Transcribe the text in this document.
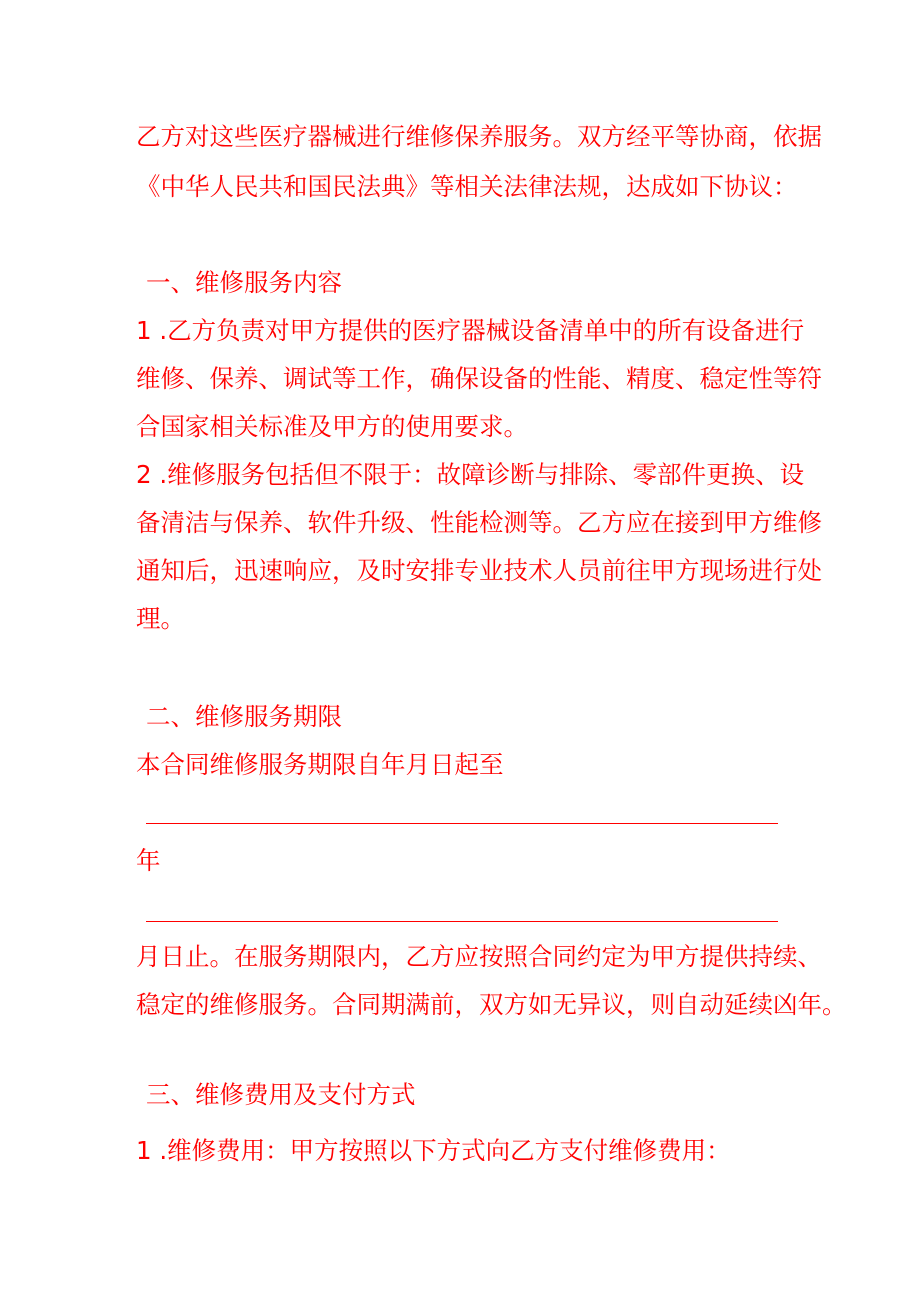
乙方对这些医疗器械进行维修保养服务。双方经平等协商，依据
《中华人民共和国民法典》等相关法律法规，达成如下协议：
一、维修服务内容
1 .乙方负责对甲方提供的医疗器械设备清单中的所有设备进行
维修、保养、调试等工作，确保设备的性能、精度、稳定性等符
合国家相关标准及甲方的使用要求。
2 .维修服务包括但不限于：故障诊断与排除、零部件更换、设
备清洁与保养、软件升级、性能检测等。乙方应在接到甲方维修
通知后，迅速响应，及时安排专业技术人员前往甲方现场进行处
理。
二、维修服务期限
本合同维修服务期限自年月日起至
年
月日止。在服务期限内，乙方应按照合同约定为甲方提供持续、
稳定的维修服务。合同期满前，双方如无异议，则自动延续凶年。
三、维修费用及支付方式
1 .维修费用：甲方按照以下方式向乙方支付维修费用：
